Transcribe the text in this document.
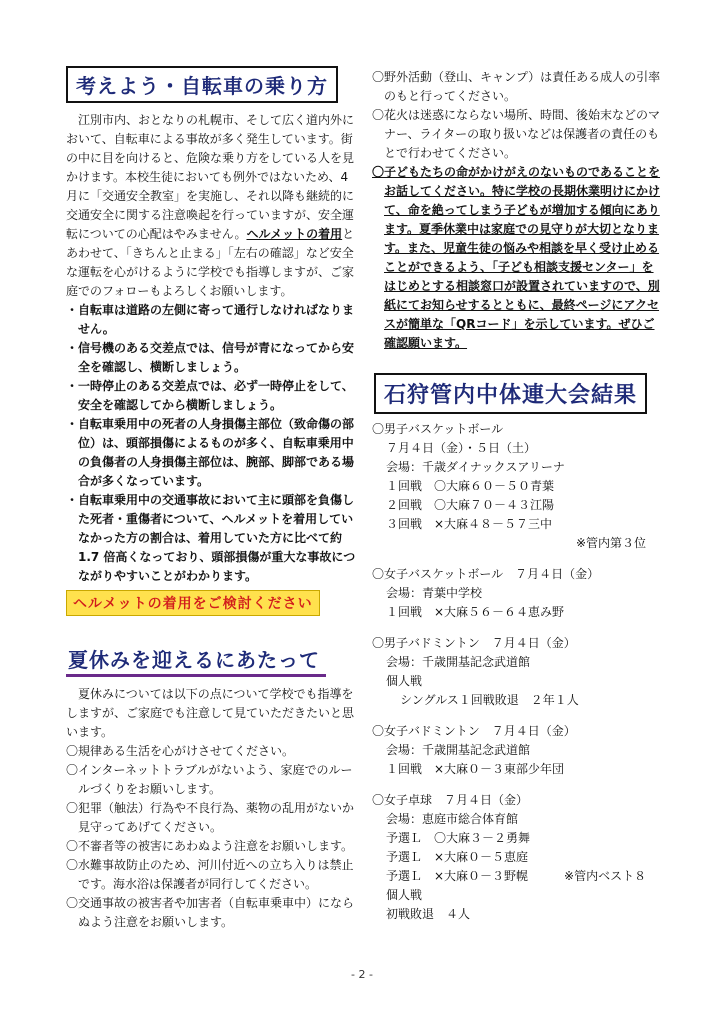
考えよう・自転車の乗り方

江別市内、おとなりの札幌市、そして広く道内外において、自転車による事故が多く発生しています。街の中に目を向けると、危険な乗り方をしている人を見かけます。本校生徒においても例外ではないため、4月に「交通安全教室」を実施し、それ以降も継続的に交通安全に関する注意喚起を行っていますが、安全運転についての心配はやみません。ヘルメットの着用とあわせて、「きちんと止まる」「左右の確認」など安全な運転を心がけるように学校でも指導しますが、ご家庭でのフォローもよろしくお願いします。

・自転車は道路の左側に寄って通行しなければなりません。
・信号機のある交差点では、信号が青になってから安全を確認し、横断しましょう。
・一時停止のある交差点では、必ず一時停止をして、安全を確認してから横断しましょう。
・自転車乗用中の死者の人身損傷主部位（致命傷の部位）は、頭部損傷によるものが多く、自転車乗用中の負傷者の人身損傷主部位は、腕部、脚部である場合が多くなっています。
・自転車乗用中の交通事故において主に頭部を負傷した死者・重傷者について、ヘルメットを着用していなかった方の割合は、着用していた方に比べて約 1.7 倍高くなっており、頭部損傷が重大な事故につながりやすいことがわかります。
ヘルメットの着用をご検討ください
夏休みを迎えるにあたって

夏休みについては以下の点について学校でも指導をしますが、ご家庭でも注意して見ていただきたいと思います。

〇規律ある生活を心がけさせてください。
〇インターネットトラブルがないよう、家庭でのルールづくりをお願いします。
〇犯罪（触法）行為や不良行為、薬物の乱用がないか見守ってあげてください。
〇不審者等の被害にあわぬよう注意をお願いします。
〇水難事故防止のため、河川付近への立ち入りは禁止です。海水浴は保護者が同行してください。
〇交通事故の被害者や加害者（自転車乗車中）にならぬよう注意をお願いします。
〇野外活動（登山、キャンプ）は責任ある成人の引率のもと行ってください。
〇花火は迷惑にならない場所、時間、後始末などのマナー、ライターの取り扱いなどは保護者の責任のもとで行わせてください。

〇子どもたちの命がかけがえのないものであることをお話してください。特に学校の長期休業明けにかけて、命を絶ってしまう子どもが増加する傾向にあります。夏季休業中は家庭での見守りが大切となります。また、児童生徒の悩みや相談を早く受け止めることができるよう、「子ども相談支援センター」をはじめとする相談窓口が設置されていますので、別紙にてお知らせするとともに、最終ページにアクセスが簡単な「QRコード」を示しています。ぜひご確認願います。

石狩管内中体連大会結果

〇男子バスケットボール

７月４日（金）・５日（土）

会場：千歳ダイナックスアリーナ

１回戦　〇大麻６０－５０青葉

２回戦　〇大麻７０－４３江陽

３回戦　×大麻４８－５７三中

※管内第３位

〇女子バスケットボール　７月４日（金）

会場：青葉中学校

１回戦　×大麻５６－６４恵み野

〇男子バドミントン　７月４日（金）

会場：千歳開基記念武道館

個人戦

シングルス１回戦敗退　２年１人

〇女子バドミントン　７月４日（金）

会場：千歳開基記念武道館

１回戦　×大麻０－３東部少年団

〇女子卓球　７月４日（金）

会場：恵庭市総合体育館

予選Ｌ　〇大麻３－２勇舞

予選Ｌ　×大麻０－５恵庭

予選Ｌ　×大麻０－３野幌　　　※管内ベスト８

個人戦

初戦敗退　４人

- 2 -
